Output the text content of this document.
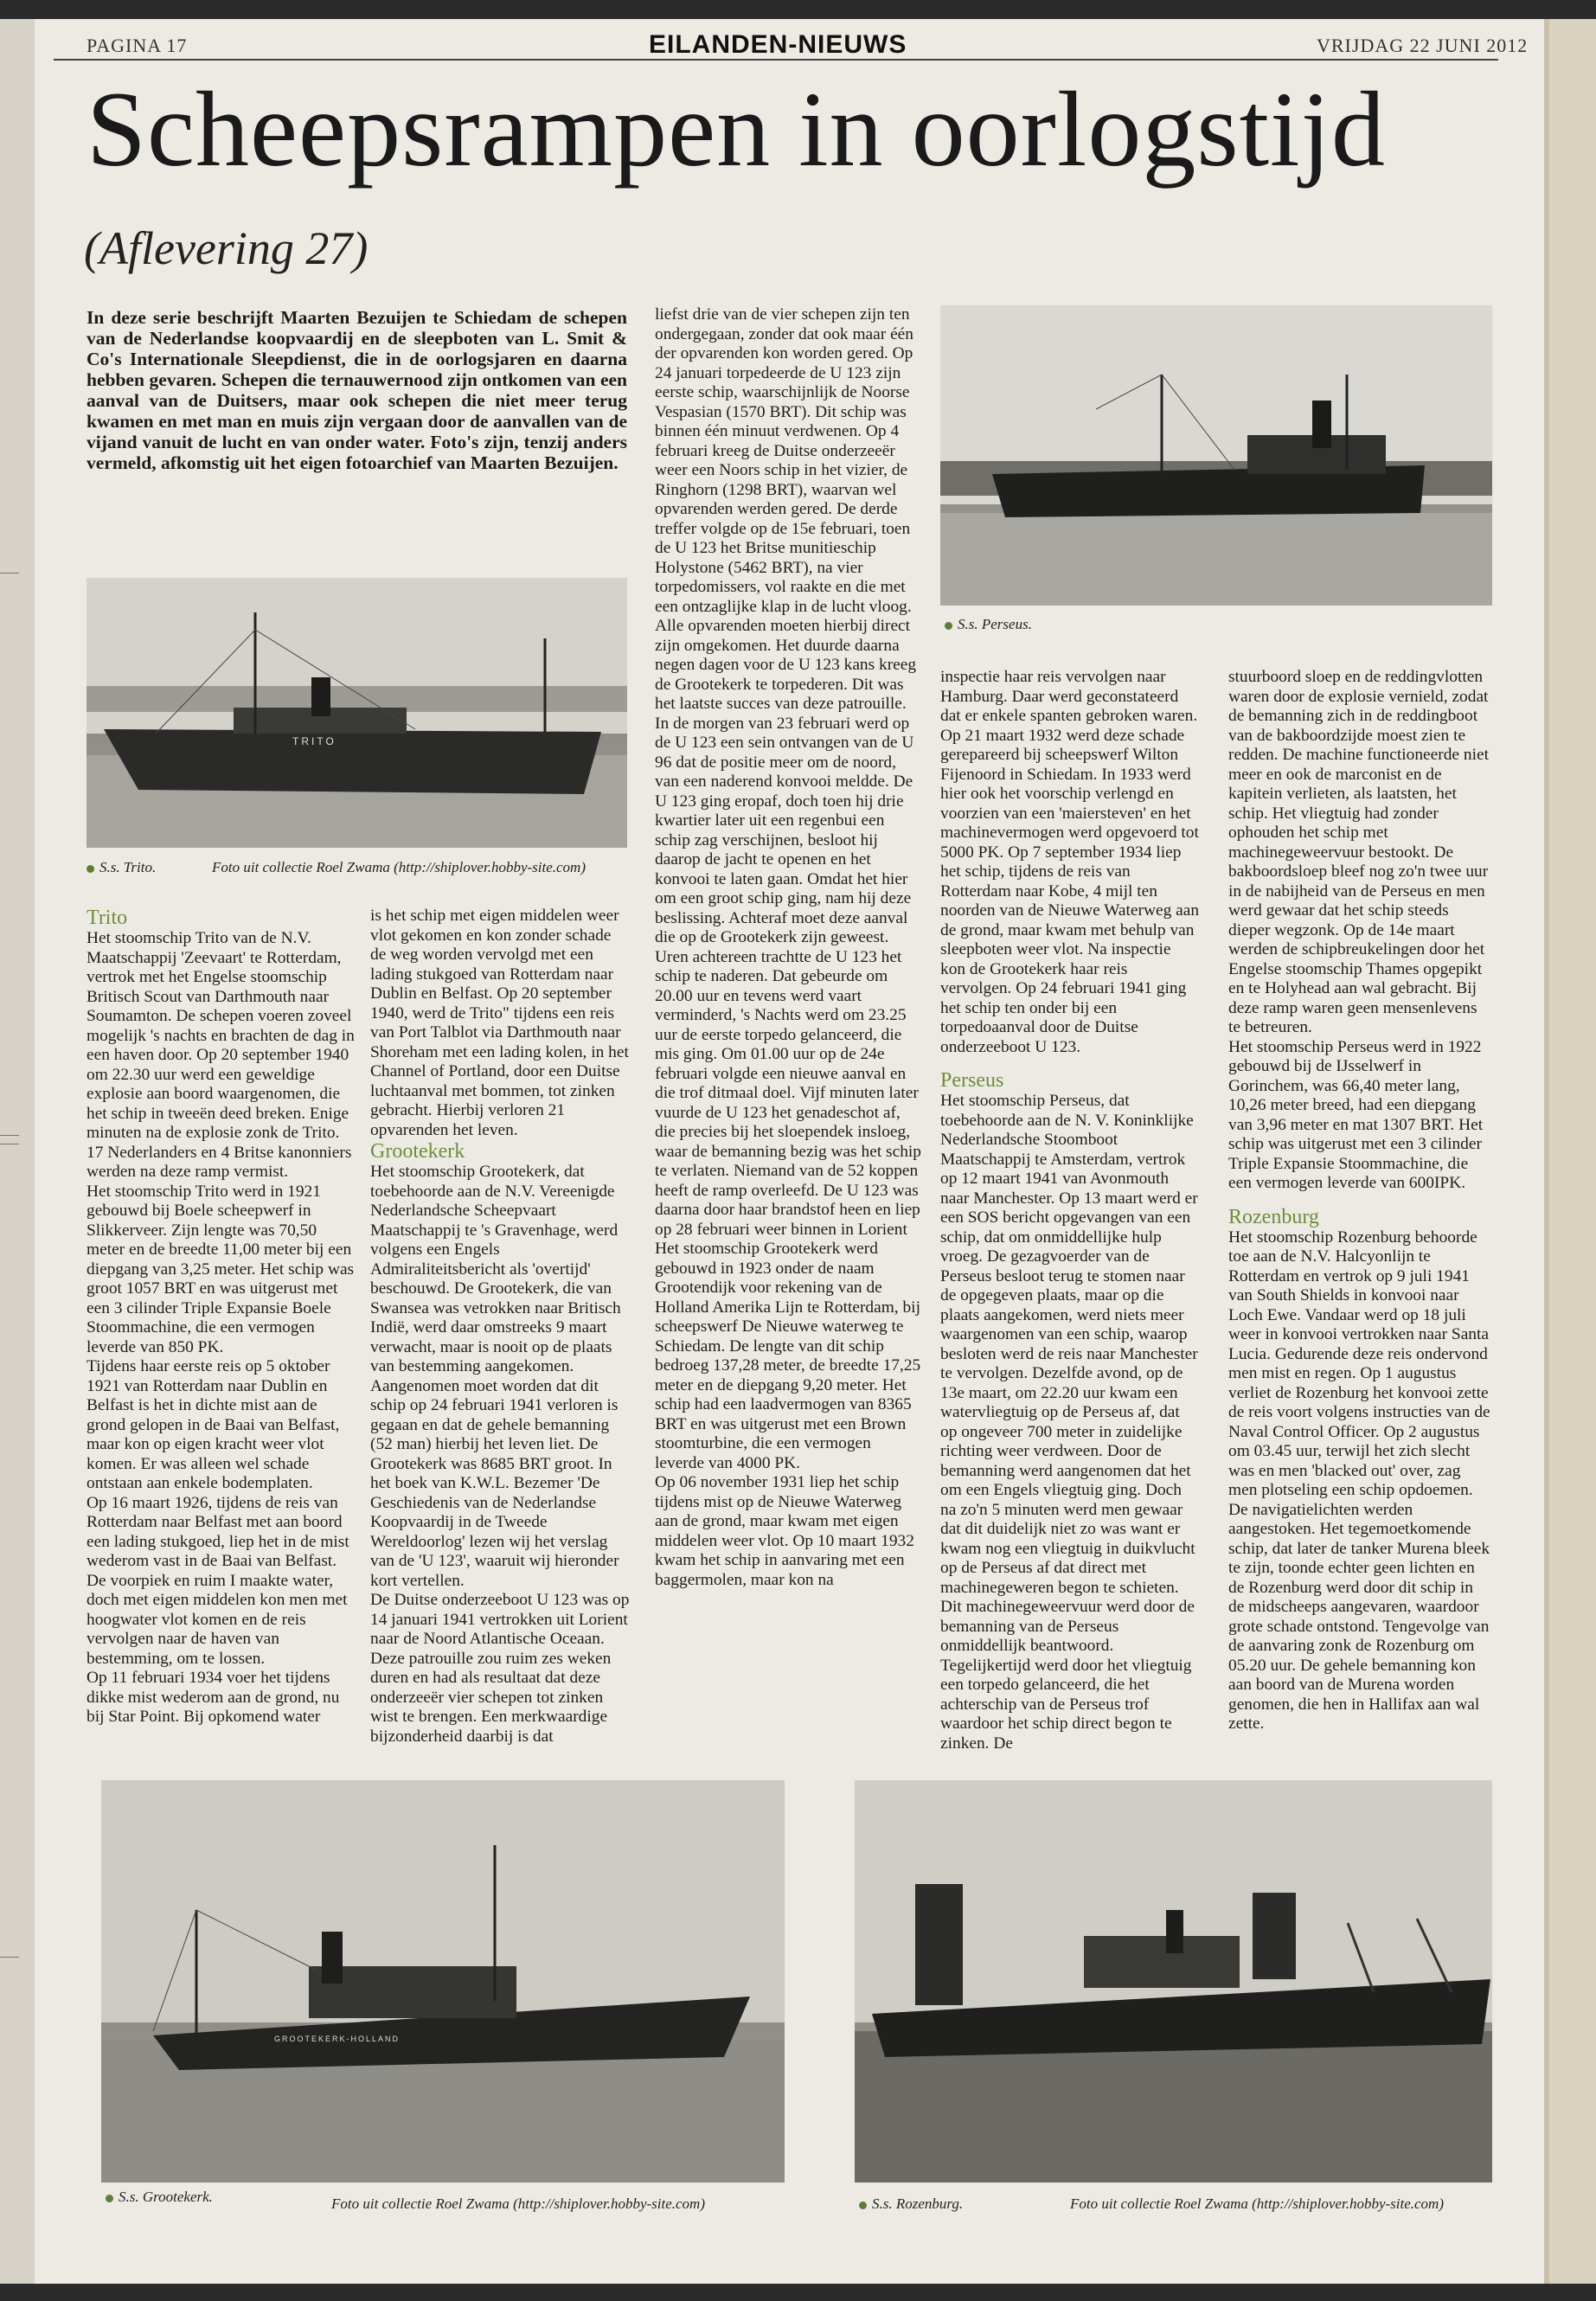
PAGINA 17	EILANDEN-NIEUWS	VRIJDAG 22 JUNI 2012
Scheepsrampen in oorlogstijd
(Aflevering 27)
In deze serie beschrijft Maarten Bezuijen te Schiedam de schepen van de Nederlandse koopvaardij en de sleepboten van L. Smit & Co's Internationale Sleepdienst, die in de oorlogsjaren en daarna hebben gevaren. Schepen die ternauwernood zijn ontkomen van een aanval van de Duitsers, maar ook schepen die niet meer terug kwamen en met man en muis zijn vergaan door de aanvallen van de vijand vanuit de lucht en van onder water. Foto's zijn, tenzij anders vermeld, afkomstig uit het eigen fotoarchief van Maarten Bezuijen.
TRITO
S.s. Trito.	Foto uit collectie Roel Zwama (http://shiplover.hobby-site.com)
S.s. Perseus.

Trito

Het stoomschip Trito van de N.V. Maatschappij 'Zeevaart' te Rotterdam, vertrok met het Engelse stoomschip Britisch Scout van Darthmouth naar Soumamton. De schepen voeren zoveel mogelijk 's nachts en brachten de dag in een haven door. Op 20 september 1940 om 22.30 uur werd een geweldige explosie aan boord waargenomen, die het schip in tweeën deed breken. Enige minuten na de explosie zonk de Trito. 17 Nederlanders en 4 Britse kanonniers werden na deze ramp vermist.
Het stoomschip Trito werd in 1921 gebouwd bij Boele scheepwerf in Slikkerveer. Zijn lengte was 70,50 meter en de breedte 11,00 meter bij een diepgang van 3,25 meter. Het schip was groot 1057 BRT en was uitgerust met een 3 cilinder Triple Expansie Boele Stoommachine, die een vermogen leverde van 850 PK.
Tijdens haar eerste reis op 5 oktober 1921 van Rotterdam naar Dublin en Belfast is het in dichte mist aan de grond gelopen in de Baai van Belfast, maar kon op eigen kracht weer vlot komen. Er was alleen wel schade ontstaan aan enkele bodemplaten.
Op 16 maart 1926, tijdens de reis van Rotterdam naar Belfast met aan boord een lading stukgoed, liep het in de mist wederom vast in de Baai van Belfast. De voorpiek en ruim I maakte water, doch met eigen middelen kon men met hoogwater vlot komen en de reis vervolgen naar de haven van bestemming, om te lossen.
Op 11 februari 1934 voer het tijdens dikke mist wederom aan de grond, nu bij Star Point. Bij opkomend water

is het schip met eigen middelen weer vlot gekomen en kon zonder schade de weg worden vervolgd met een lading stukgoed van Rotterdam naar Dublin en Belfast. Op 20 september 1940, werd de Trito" tijdens een reis van Port Talblot via Darthmouth naar Shoreham met een lading kolen, in het Channel of Portland, door een Duitse luchtaanval met bommen, tot zinken gebracht. Hierbij verloren 21 opvarenden het leven.

Grootekerk

Het stoomschip Grootekerk, dat toebehoorde aan de N.V. Vereenigde Nederlandsche Scheepvaart Maatschappij te 's Gravenhage, werd volgens een Engels Admiraliteitsbericht als 'overtijd' beschouwd. De Grootekerk, die van Swansea was vetrokken naar Britisch Indië, werd daar omstreeks 9 maart verwacht, maar is nooit op de plaats van bestemming aangekomen. Aangenomen moet worden dat dit schip op 24 februari 1941 verloren is gegaan en dat de gehele bemanning (52 man) hierbij het leven liet. De Grootekerk was 8685 BRT groot. In het boek van K.W.L. Bezemer 'De Geschiedenis van de Nederlandse Koopvaardij in de Tweede Wereldoorlog' lezen wij het verslag van de 'U 123', waaruit wij hieronder kort vertellen.
De Duitse onderzeeboot U 123 was op 14 januari 1941 vertrokken uit Lorient naar de Noord Atlantische Oceaan. Deze patrouille zou ruim zes weken duren en had als resultaat dat deze onderzeeër vier schepen tot zinken wist te brengen. Een merkwaardige bijzonderheid daarbij is dat

liefst drie van de vier schepen zijn ten ondergegaan, zonder dat ook maar één der opvarenden kon worden gered. Op 24 januari torpedeerde de U 123 zijn eerste schip, waarschijnlijk de Noorse Vespasian (1570 BRT). Dit schip was binnen één minuut verdwenen. Op 4 februari kreeg de Duitse onderzeeër weer een Noors schip in het vizier, de Ringhorn (1298 BRT), waarvan wel opvarenden werden gered. De derde treffer volgde op de 15e februari, toen de U 123 het Britse munitieschip Holystone (5462 BRT), na vier torpedomissers, vol raakte en die met een ontzaglijke klap in de lucht vloog. Alle opvarenden moeten hierbij direct zijn omgekomen. Het duurde daarna negen dagen voor de U 123 kans kreeg de Grootekerk te torpederen. Dit was het laatste succes van deze patrouille. In de morgen van 23 februari werd op de U 123 een sein ontvangen van de U 96 dat de positie meer om de noord, van een naderend konvooi meldde. De U 123 ging eropaf, doch toen hij drie kwartier later uit een regenbui een schip zag verschijnen, besloot hij daarop de jacht te openen en het konvooi te laten gaan. Omdat het hier om een groot schip ging, nam hij deze beslissing. Achteraf moet deze aanval die op de Grootekerk zijn geweest. Uren achtereen trachtte de U 123 het schip te naderen. Dat gebeurde om 20.00 uur en tevens werd vaart verminderd, 's Nachts werd om 23.25 uur de eerste torpedo gelanceerd, die mis ging. Om 01.00 uur op de 24e februari volgde een nieuwe aanval en die trof ditmaal doel. Vijf minuten later vuurde de U 123 het genadeschot af, die precies bij het sloependek insloeg, waar de bemanning bezig was het schip te verlaten. Niemand van de 52 koppen heeft de ramp overleefd. De U 123 was daarna door haar brandstof heen en liep op 28 februari weer binnen in Lorient
Het stoomschip Grootekerk werd gebouwd in 1923 onder de naam Grootendijk voor rekening van de Holland Amerika Lijn te Rotterdam, bij scheepswerf De Nieuwe waterweg te Schiedam. De lengte van dit schip bedroeg 137,28 meter, de breedte 17,25 meter en de diepgang 9,20 meter. Het schip had een laadvermogen van 8365 BRT en was uitgerust met een Brown stoomturbine, die een vermogen leverde van 4000 PK.
Op 06 november 1931 liep het schip tijdens mist op de Nieuwe Waterweg aan de grond, maar kwam met eigen middelen weer vlot. Op 10 maart 1932 kwam het schip in aanvaring met een baggermolen, maar kon na

inspectie haar reis vervolgen naar Hamburg. Daar werd geconstateerd dat er enkele spanten gebroken waren. Op 21 maart 1932 werd deze schade gerepareerd bij scheepswerf Wilton Fijenoord in Schiedam. In 1933 werd hier ook het voorschip verlengd en voorzien van een 'maiersteven' en het machinevermogen werd opgevoerd tot 5000 PK. Op 7 september 1934 liep het schip, tijdens de reis van Rotterdam naar Kobe, 4 mijl ten noorden van de Nieuwe Waterweg aan de grond, maar kwam met behulp van sleepboten weer vlot. Na inspectie kon de Grootekerk haar reis vervolgen. Op 24 februari 1941 ging het schip ten onder bij een torpedoaanval door de Duitse onderzeeboot U 123.

Perseus

Het stoomschip Perseus, dat toebehoorde aan de N. V. Koninklijke Nederlandsche Stoomboot Maatschappij te Amsterdam, vertrok op 12 maart 1941 van Avonmouth naar Manchester. Op 13 maart werd er een SOS bericht opgevangen van een schip, dat om onmiddellijke hulp vroeg. De gezagvoerder van de Perseus besloot terug te stomen naar de opgegeven plaats, maar op die plaats aangekomen, werd niets meer waargenomen van een schip, waarop besloten werd de reis naar Manchester te vervolgen. Dezelfde avond, op de 13e maart, om 22.20 uur kwam een watervliegtuig op de Perseus af, dat op ongeveer 700 meter in zuidelijke richting weer verdween. Door de bemanning werd aangenomen dat het om een Engels vliegtuig ging. Doch na zo'n 5 minuten werd men gewaar dat dit duidelijk niet zo was want er kwam nog een vliegtuig in duikvlucht op de Perseus af dat direct met machinegeweren begon te schieten. Dit machinegeweervuur werd door de bemanning van de Perseus onmiddellijk beantwoord. Tegelijkertijd werd door het vliegtuig een torpedo gelanceerd, die het achterschip van de Perseus trof waardoor het schip direct begon te zinken. De

stuurboord sloep en de reddingvlotten waren door de explosie vernield, zodat de bemanning zich in de reddingboot van de bakboordzijde moest zien te redden. De machine functioneerde niet meer en ook de marconist en de kapitein verlieten, als laatsten, het schip. Het vliegtuig had zonder ophouden het schip met machinegeweervuur bestookt. De bakboordsloep bleef nog zo'n twee uur in de nabijheid van de Perseus en men werd gewaar dat het schip steeds dieper wegzonk. Op de 14e maart werden de schipbreukelingen door het Engelse stoomschip Thames opgepikt en te Holyhead aan wal gebracht. Bij deze ramp waren geen mensenlevens te betreuren.
Het stoomschip Perseus werd in 1922 gebouwd bij de IJsselwerf in Gorinchem, was 66,40 meter lang, 10,26 meter breed, had een diepgang van 3,96 meter en mat 1307 BRT. Het schip was uitgerust met een 3 cilinder Triple Expansie Stoommachine, die een vermogen leverde van 600IPK.

Rozenburg

Het stoomschip Rozenburg behoorde toe aan de N.V. Halcyonlijn te Rotterdam en vertrok op 9 juli 1941 van South Shields in konvooi naar Loch Ewe. Vandaar werd op 18 juli weer in konvooi vertrokken naar Santa Lucia. Gedurende deze reis ondervond men mist en regen. Op 1 augustus verliet de Rozenburg het konvooi zette de reis voort volgens instructies van de Naval Control Officer. Op 2 augustus om 03.45 uur, terwijl het zich slecht was en men 'blacked out' over, zag men plotseling een schip opdoemen. De navigatielichten werden aangestoken. Het tegemoetkomende schip, dat later de tanker Murena bleek te zijn, toonde echter geen lichten en de Rozenburg werd door dit schip in de midscheeps aangevaren, waardoor grote schade ontstond. Tengevolge van de aanvaring zonk de Rozenburg om 05.20 uur. De gehele bemanning kon aan boord van de Murena worden genomen, die hen in Hallifax aan wal zette.

GROOTEKERK-HOLLAND
S.s. Grootekerk.	Foto uit collectie Roel Zwama (http://shiplover.hobby-site.com)	S.s. Rozenburg.	Foto uit collectie Roel Zwama (http://shiplover.hobby-site.com)
